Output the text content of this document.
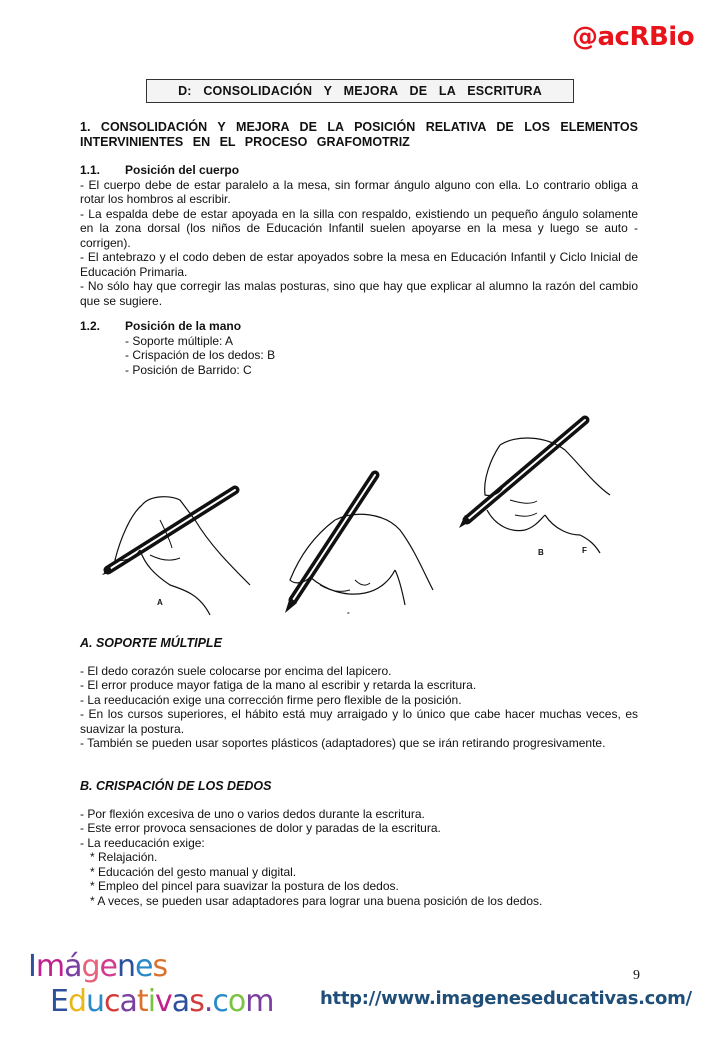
@acRBio
D: CONSOLIDACIÓN Y MEJORA DE LA ESCRITURA
1. CONSOLIDACIÓN Y MEJORA DE LA POSICIÓN RELATIVA DE LOS ELEMENTOS
INTERVINIENTES EN EL PROCESO GRAFOMOTRIZ
1.1. Posición del cuerpo

- El cuerpo debe de estar paralelo a la mesa, sin formar ángulo alguno con ella. Lo contrario obliga a rotar los hombros al escribir.

- La espalda debe de estar apoyada en la silla con respaldo, existiendo un pequeño ángulo solamente en la zona dorsal (los niños de Educación Infantil suelen apoyarse en la mesa y luego se auto - corrigen).

- El antebrazo y el codo deben de estar apoyados sobre la mesa en Educación Infantil y Ciclo Inicial de Educación Primaria.

- No sólo hay que corregir las malas posturas, sino que hay que explicar al alumno la razón del cambio que se sugiere.

1.2. Posición de la mano
- Soporte múltiple: A
- Crispación de los dedos: B
- Posición de Barrido: C
A
-
B	F
A. SOPORTE MÚLTIPLE

- El dedo corazón suele colocarse por encima del lapicero.

- El error produce mayor fatiga de la mano al escribir y retarda la escritura.

- La reeducación exige una corrección firme pero flexible de la posición.

- En los cursos superiores, el hábito está muy arraigado y lo único que cabe hacer muchas veces, es suavizar la postura.

- También se pueden usar soportes plásticos (adaptadores) que se irán retirando progresivamente.

B. CRISPACIÓN DE LOS DEDOS

- Por flexión excesiva de uno o varios dedos durante la escritura.

- Este error provoca sensaciones de dolor y paradas de la escritura.

- La reeducación exige:

* Relajación.

* Educación del gesto manual y digital.

* Empleo del pincel para suavizar la postura de los dedos.

* A veces, se pueden usar adaptadores para lograr una buena posición de los dedos.

Imágenes
Educativas.com
9
http://www.imageneseducativas.com/
